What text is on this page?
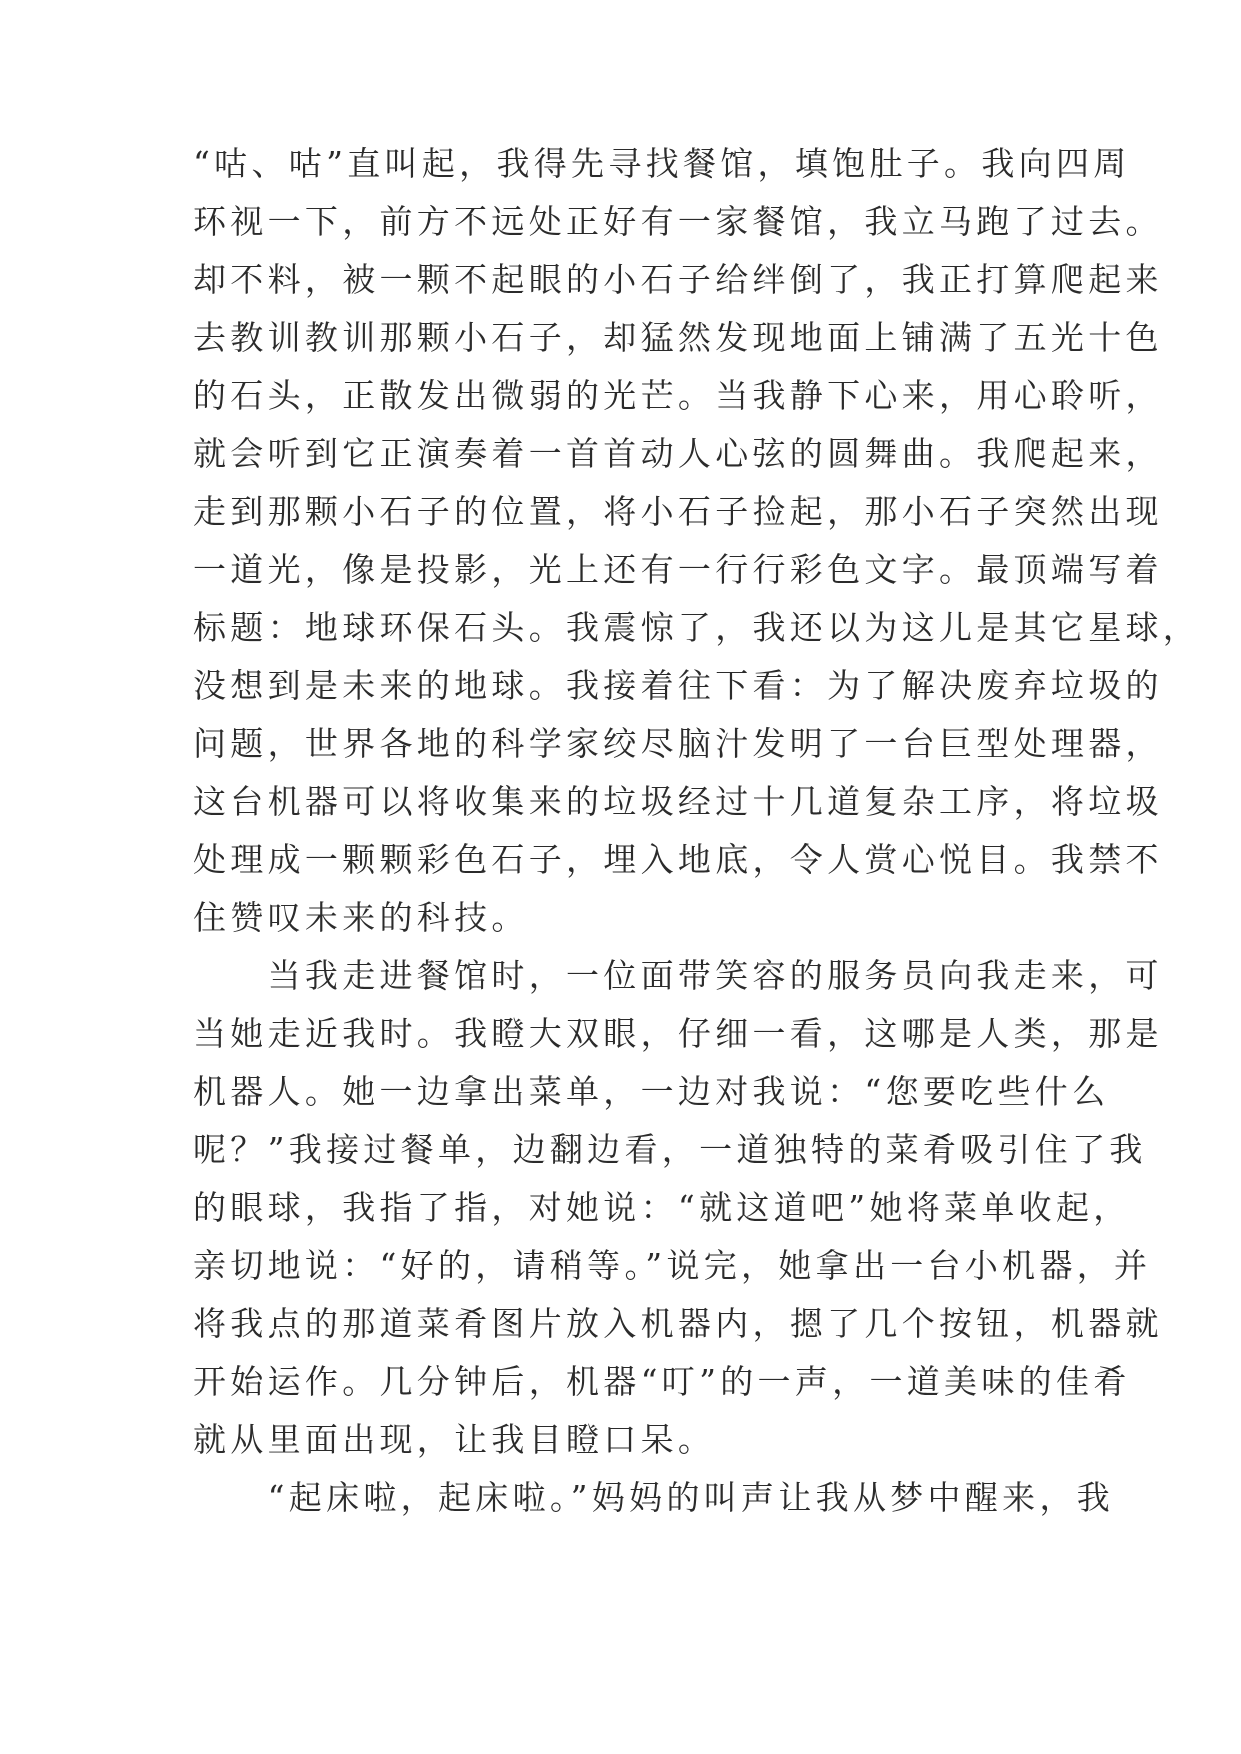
“咕、咕”直叫起，我得先寻找餐馆，填饱肚子。我向四周
环视一下，前方不远处正好有一家餐馆，我立马跑了过去。
却不料，被一颗不起眼的小石子给绊倒了，我正打算爬起来
去教训教训那颗小石子，却猛然发现地面上铺满了五光十色
的石头，正散发出微弱的光芒。当我静下心来，用心聆听，
就会听到它正演奏着一首首动人心弦的圆舞曲。我爬起来，
走到那颗小石子的位置，将小石子捡起，那小石子突然出现
一道光，像是投影，光上还有一行行彩色文字。最顶端写着
标题：地球环保石头。我震惊了，我还以为这儿是其它星球，
没想到是未来的地球。我接着往下看：为了解决废弃垃圾的
问题，世界各地的科学家绞尽脑汁发明了一台巨型处理器，
这台机器可以将收集来的垃圾经过十几道复杂工序，将垃圾
处理成一颗颗彩色石子，埋入地底，令人赏心悦目。我禁不
住赞叹未来的科技。
　　当我走进餐馆时，一位面带笑容的服务员向我走来，可
当她走近我时。我瞪大双眼，仔细一看，这哪是人类，那是
机器人。她一边拿出菜单，一边对我说：“您要吃些什么
呢？”我接过餐单，边翻边看，一道独特的菜肴吸引住了我
的眼球，我指了指，对她说：“就这道吧”她将菜单收起，
亲切地说：“好的，请稍等。”说完，她拿出一台小机器，并
将我点的那道菜肴图片放入机器内，摁了几个按钮，机器就
开始运作。几分钟后，机器“叮”的一声，一道美味的佳肴
就从里面出现，让我目瞪口呆。
　　“起床啦，起床啦。”妈妈的叫声让我从梦中醒来，我
